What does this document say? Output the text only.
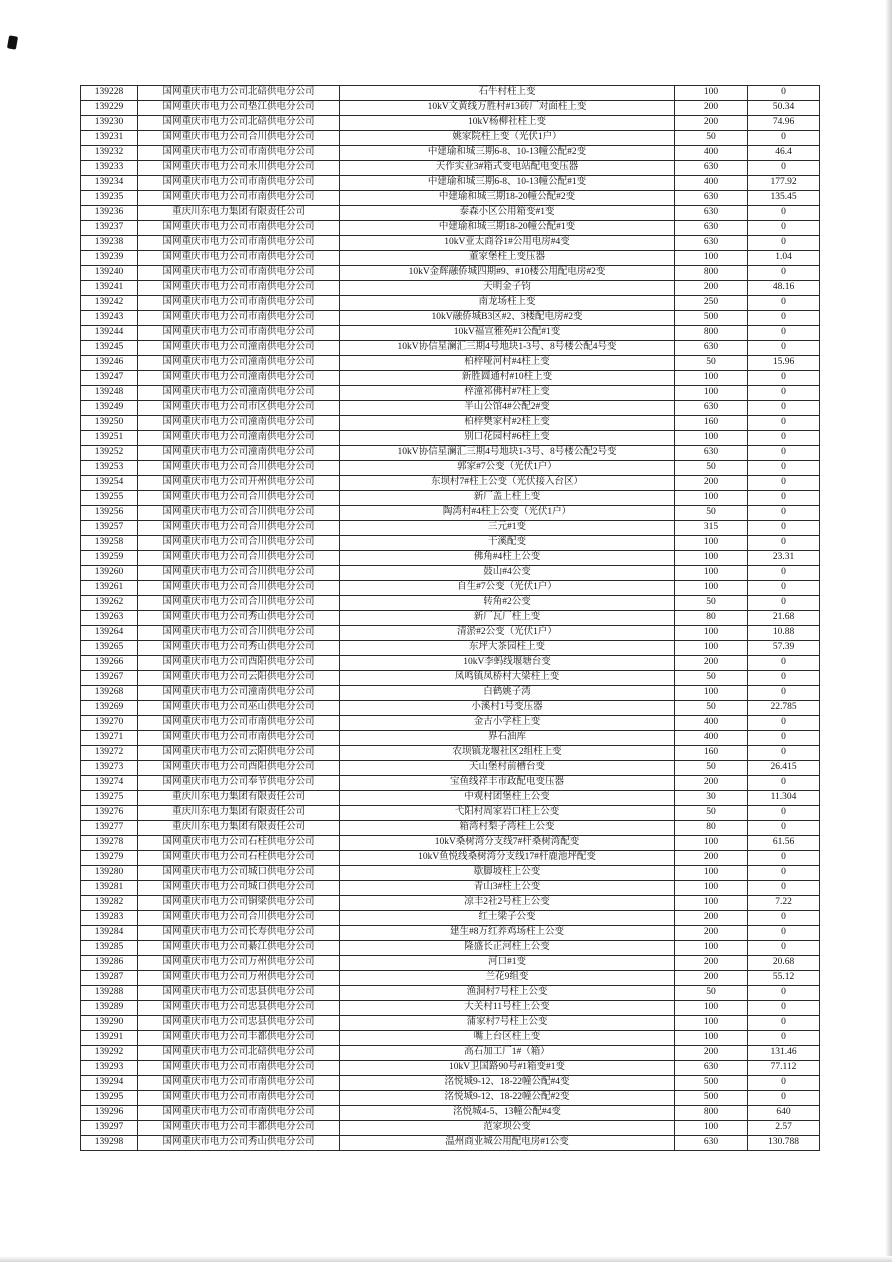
139228	国网重庆市电力公司北碚供电分公司	石牛村柱上变	100	0
139229	国网重庆市电力公司垫江供电分公司	10kV文黄线万胜村#13砖厂对面柱上变	200	50.34
139230	国网重庆市电力公司北碚供电分公司	10kV杨柳社柱上变	200	74.96
139231	国网重庆市电力公司合川供电分公司	姚家院柱上变（光伏1户）	50	0
139232	国网重庆市电力公司市南供电分公司	中建瑜和城三期6-8、10-13幢公配#2变	400	46.4
139233	国网重庆市电力公司永川供电分公司	天作实业3#箱式变电站配电变压器	630	0
139234	国网重庆市电力公司市南供电分公司	中建瑜和城三期6-8、10-13幢公配#1变	400	177.92
139235	国网重庆市电力公司市南供电分公司	中建瑜和城三期18-20幢公配#2变	630	135.45
139236	重庆川东电力集团有限责任公司	泰森小区公用箱变#1变	630	0
139237	国网重庆市电力公司市南供电分公司	中建瑜和城三期18-20幢公配#1变	630	0
139238	国网重庆市电力公司市南供电分公司	10kV亚太商谷1#公用电房#4变	630	0
139239	国网重庆市电力公司市南供电分公司	董家堡柱上变压器	100	1.04
139240	国网重庆市电力公司市南供电分公司	10kV金辉融侨城四期#9、#10楼公用配电房#2变	800	0
139241	国网重庆市电力公司市南供电分公司	天明金子钧	200	48.16
139242	国网重庆市电力公司市南供电分公司	南龙场柱上变	250	0
139243	国网重庆市电力公司市南供电分公司	10kV融侨城B3区#2、3楼配电房#2变	500	0
139244	国网重庆市电力公司市南供电分公司	10kV福宣雅苑#1公配#1变	800	0
139245	国网重庆市电力公司潼南供电分公司	10kV协信星澜汇三期4号地块1-3号、8号楼公配4号变	630	0
139246	国网重庆市电力公司潼南供电分公司	柏梓哑河村#4柱上变	50	15.96
139247	国网重庆市电力公司潼南供电分公司	新胜圆通村#10柱上变	100	0
139248	国网重庆市电力公司潼南供电分公司	梓潼祁佛村#7柱上变	100	0
139249	国网重庆市电力公司市区供电分公司	半山公馆4#公配2#变	630	0
139250	国网重庆市电力公司潼南供电分公司	柏梓樊家村#2柱上变	160	0
139251	国网重庆市电力公司潼南供电分公司	别口花园村#6柱上变	100	0
139252	国网重庆市电力公司潼南供电分公司	10kV协信星澜汇三期4号地块1-3号、8号楼公配2号变	630	0
139253	国网重庆市电力公司合川供电分公司	郭家#7公变（光伏1户）	50	0
139254	国网重庆市电力公司开州供电分公司	东坝村7#柱上公变（光伏接入台区）	200	0
139255	国网重庆市电力公司合川供电分公司	新厂盖上柱上变	100	0
139256	国网重庆市电力公司合川供电分公司	陶湾村#4柱上公变（光伏1户）	50	0
139257	国网重庆市电力公司合川供电分公司	三元#1变	315	0
139258	国网重庆市电力公司合川供电分公司	干溪配变	100	0
139259	国网重庆市电力公司合川供电分公司	佛角#4柱上公变	100	23.31
139260	国网重庆市电力公司合川供电分公司	鼓山#4公变	100	0
139261	国网重庆市电力公司合川供电分公司	自生#7公变（光伏1户）	100	0
139262	国网重庆市电力公司合川供电分公司	转角#2公变	50	0
139263	国网重庆市电力公司秀山供电分公司	新厂瓦厂柱上变	80	21.68
139264	国网重庆市电力公司合川供电分公司	清淤#2公变（光伏1户）	100	10.88
139265	国网重庆市电力公司秀山供电分公司	东坪大茶园柱上变	100	57.39
139266	国网重庆市电力公司酉阳供电分公司	10kV李蚂线堰塘台变	200	0
139267	国网重庆市电力公司云阳供电分公司	凤鸣镇凤桥村大梁柱上变	50	0
139268	国网重庆市电力公司潼南供电分公司	白鹤姚子湾	100	0
139269	国网重庆市电力公司巫山供电分公司	小溪村1号变压器	50	22.785
139270	国网重庆市电力公司市南供电分公司	金古小学柱上变	400	0
139271	国网重庆市电力公司市南供电分公司	界石油库	400	0
139272	国网重庆市电力公司云阳供电分公司	农坝镇龙堰社区2组柱上变	160	0
139273	国网重庆市电力公司酉阳供电分公司	天山堡村前槽台变	50	26.415
139274	国网重庆市电力公司奉节供电分公司	宝鱼线祥丰市政配电变压器	200	0
139275	重庆川东电力集团有限责任公司	中观村团堡柱上公变	30	11.304
139276	重庆川东电力集团有限责任公司	弋阳村周家岩口柱上公变	50	0
139277	重庆川东电力集团有限责任公司	箱湾村梨子湾柱上公变	80	0
139278	国网重庆市电力公司石柱供电分公司	10kV桑树湾分支线7#杆桑树湾配变	100	61.56
139279	国网重庆市电力公司石柱供电分公司	10kV鱼悦线桑树湾分支线17#杆鹿池坪配变	200	0
139280	国网重庆市电力公司城口供电分公司	歇脚坡柱上公变	100	0
139281	国网重庆市电力公司城口供电分公司	青山3#柱上公变	100	0
139282	国网重庆市电力公司铜梁供电分公司	凉丰2社2号柱上公变	100	7.22
139283	国网重庆市电力公司合川供电分公司	红土梁子公变	200	0
139284	国网重庆市电力公司长寿供电分公司	建生#8万红养鸡场柱上公变	200	0
139285	国网重庆市电力公司綦江供电分公司	隆盛长正河柱上公变	100	0
139286	国网重庆市电力公司万州供电分公司	河口#1变	200	20.68
139287	国网重庆市电力公司万州供电分公司	兰花9组变	200	55.12
139288	国网重庆市电力公司忠县供电分公司	渔洞村7号柱上公变	50	0
139289	国网重庆市电力公司忠县供电分公司	大关村11号柱上公变	100	0
139290	国网重庆市电力公司忠县供电分公司	蒲家村7号柱上公变	100	0
139291	国网重庆市电力公司丰都供电分公司	嘴上台区柱上变	100	0
139292	国网重庆市电力公司北碚供电分公司	高石加工厂1#（箱）	200	131.46
139293	国网重庆市电力公司市南供电分公司	10kV卫国路90号#1箱变#1变	630	77.112
139294	国网重庆市电力公司市南供电分公司	洺悦城9-12、18-22幢公配#4变	500	0
139295	国网重庆市电力公司市南供电分公司	洺悦城9-12、18-22幢公配#2变	500	0
139296	国网重庆市电力公司市南供电分公司	洺悦城4-5、13幢公配#4变	800	640
139297	国网重庆市电力公司丰都供电分公司	范家坝公变	100	2.57
139298	国网重庆市电力公司秀山供电分公司	温州商业城公用配电房#1公变	630	130.788
